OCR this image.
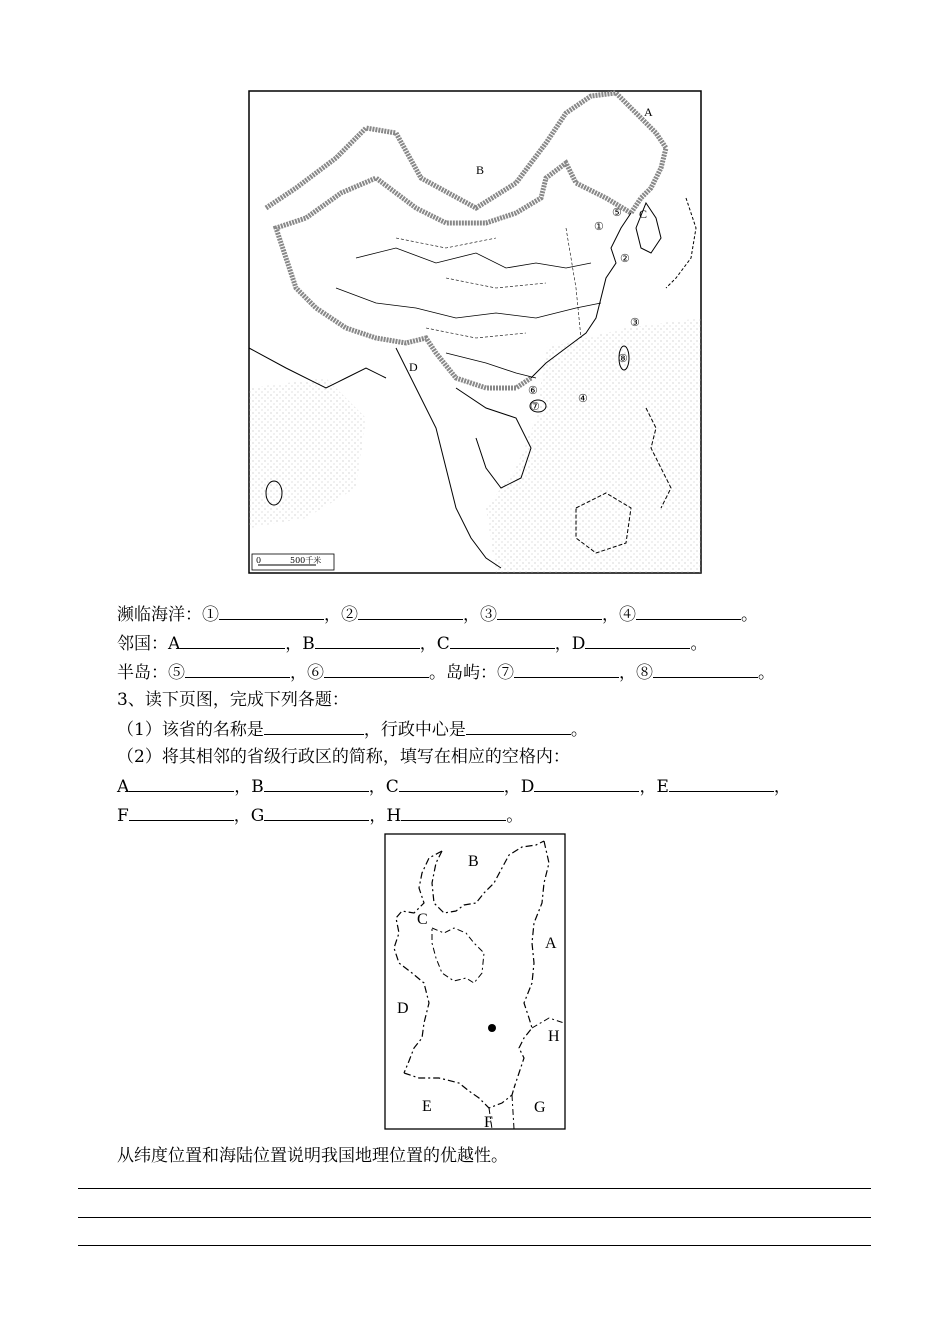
0	500千米
A
B
C
D
①
②
③
④
⑤
⑥
⑦
⑧
濒临海洋：①	，②	，③	，④	。
邻国：A	，B	，C	，D	。
半岛：⑤	，⑥	。岛屿：⑦	，⑧	。
3、读下页图，完成下列各题：
（1）该省的名称是	，行政中心是	。
（2）将其相邻的省级行政区的简称，填写在相应的空格内：
A	，B	，C	，D	，E	，
F	，G	，H	。
B
C
A
D
H
E
F
G
从纬度位置和海陆位置说明我国地理位置的优越性。
